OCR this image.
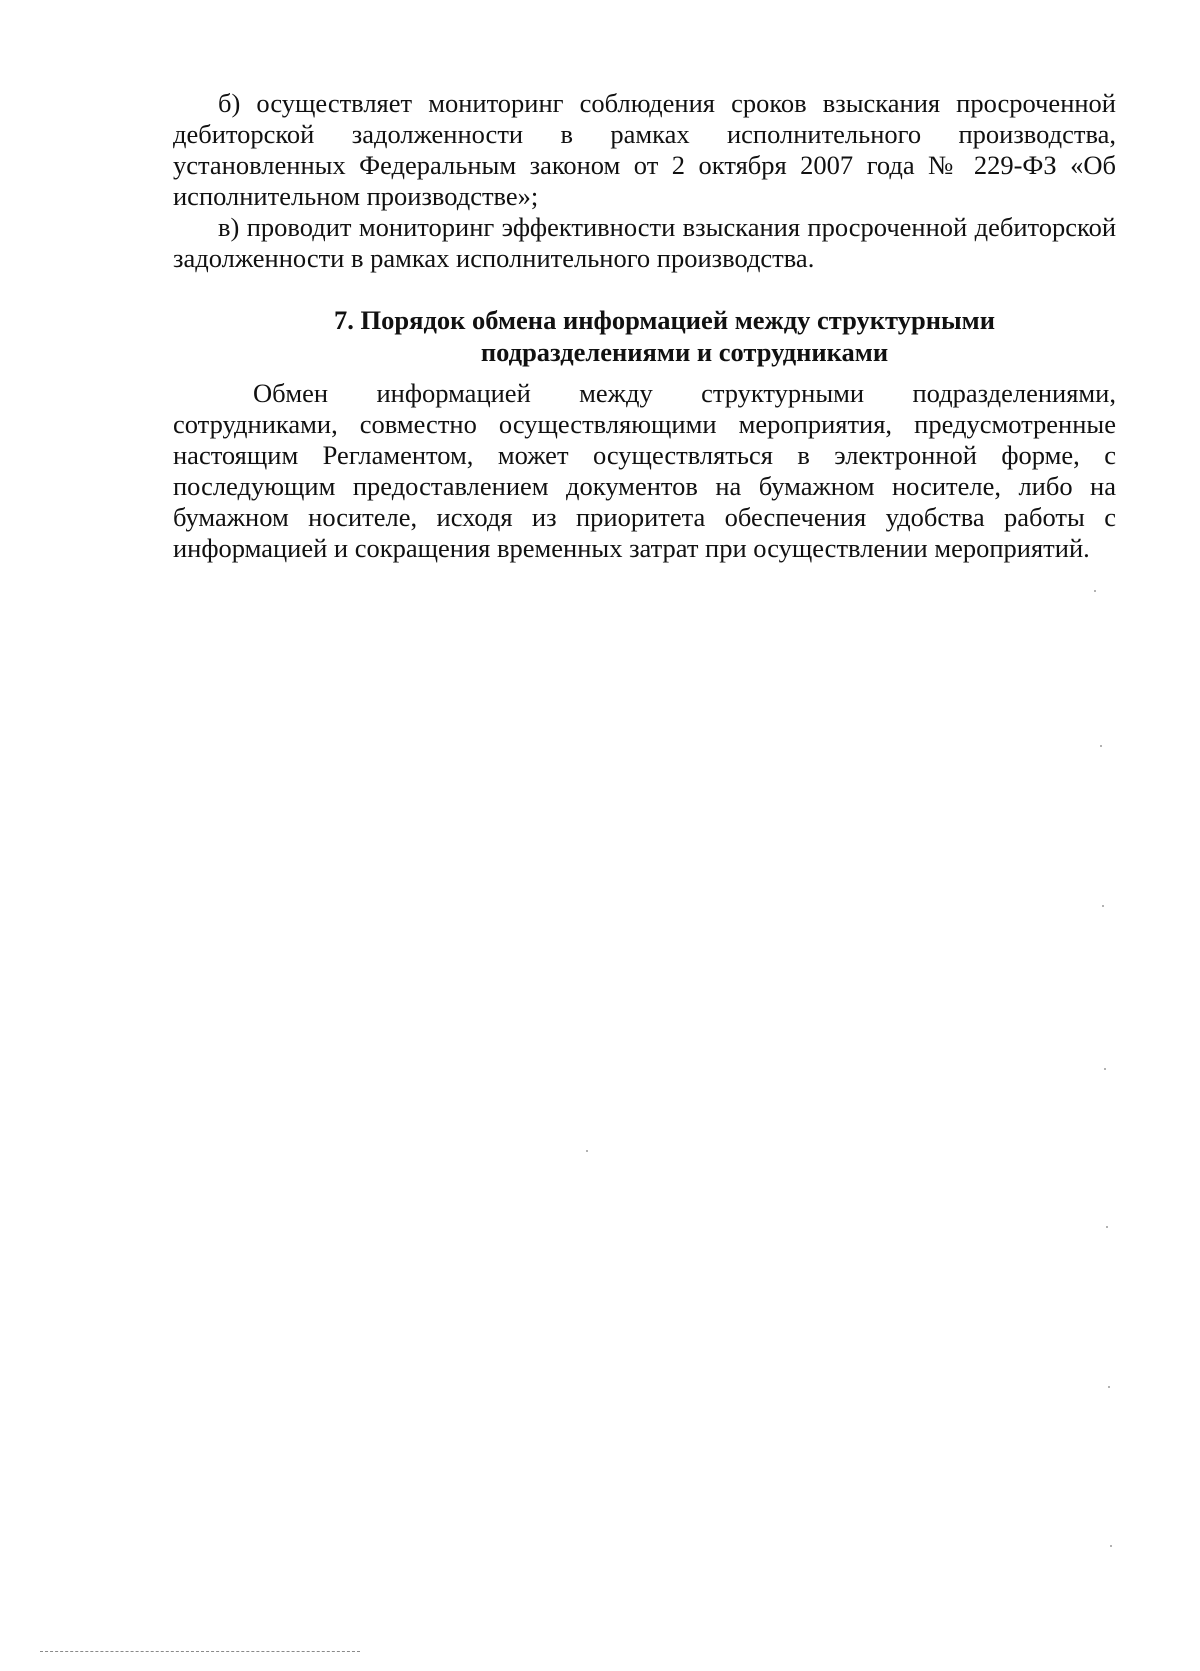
б) осуществляет мониторинг соблюдения сроков взыскания просроченной дебиторской задолженности в рамках исполнительного производства, установленных Федеральным законом от 2 октября 2007 года № 229-ФЗ «Об исполнительном производстве»;

в) проводит мониторинг эффективности взыскания просроченной дебиторской задолженности в рамках исполнительного производства.

7. Порядок обмена информацией между структурными
подразделениями и сотрудниками

Обмен информацией между структурными подразделениями, сотрудниками, совместно осуществляющими мероприятия, предусмотренные настоящим Регламентом, может осуществляться в электронной форме, с последующим предоставлением документов на бумажном носителе, либо на бумажном носителе, исходя из приоритета обеспечения удобства работы с информацией и сокращения временных затрат при осуществлении мероприятий.
